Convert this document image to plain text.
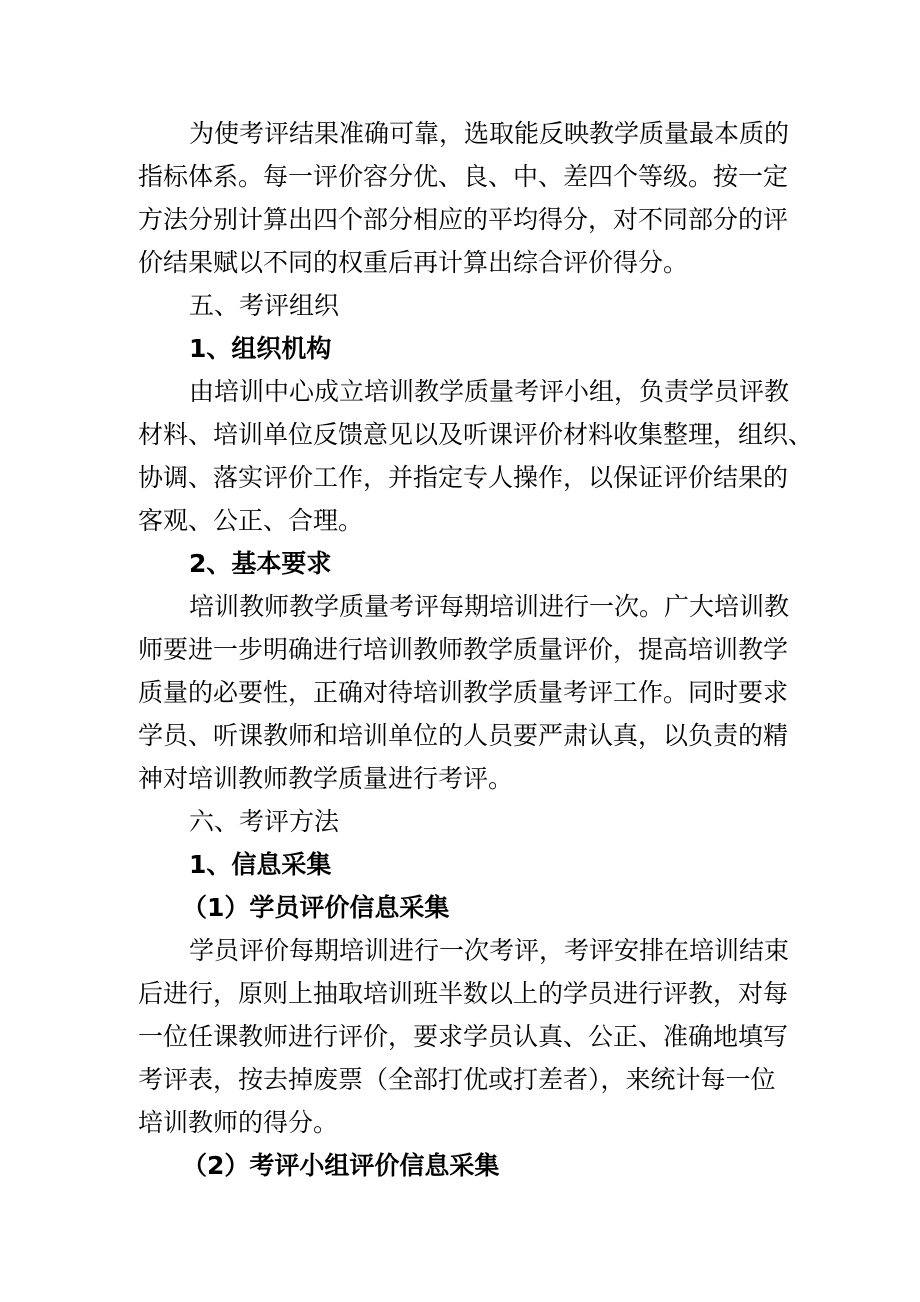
为使考评结果准确可靠，选取能反映教学质量最本质的
指标体系。每一评价容分优、良、中、差四个等级。按一定
方法分别计算出四个部分相应的平均得分，对不同部分的评
价结果赋以不同的权重后再计算出综合评价得分。
五、考评组织
1、组织机构
由培训中心成立培训教学质量考评小组，负责学员评教
材料、培训单位反馈意见以及听课评价材料收集整理，组织、
协调、落实评价工作，并指定专人操作，以保证评价结果的
客观、公正、合理。
2、基本要求
培训教师教学质量考评每期培训进行一次。广大培训教
师要进一步明确进行培训教师教学质量评价，提高培训教学
质量的必要性，正确对待培训教学质量考评工作。同时要求
学员、听课教师和培训单位的人员要严肃认真，以负责的精
神对培训教师教学质量进行考评。
六、考评方法
1、信息采集
（1）学员评价信息采集
学员评价每期培训进行一次考评，考评安排在培训结束
后进行，原则上抽取培训班半数以上的学员进行评教，对每
一位任课教师进行评价，要求学员认真、公正、准确地填写
考评表，按去掉废票（全部打优或打差者），来统计每一位
培训教师的得分。
（2）考评小组评价信息采集
